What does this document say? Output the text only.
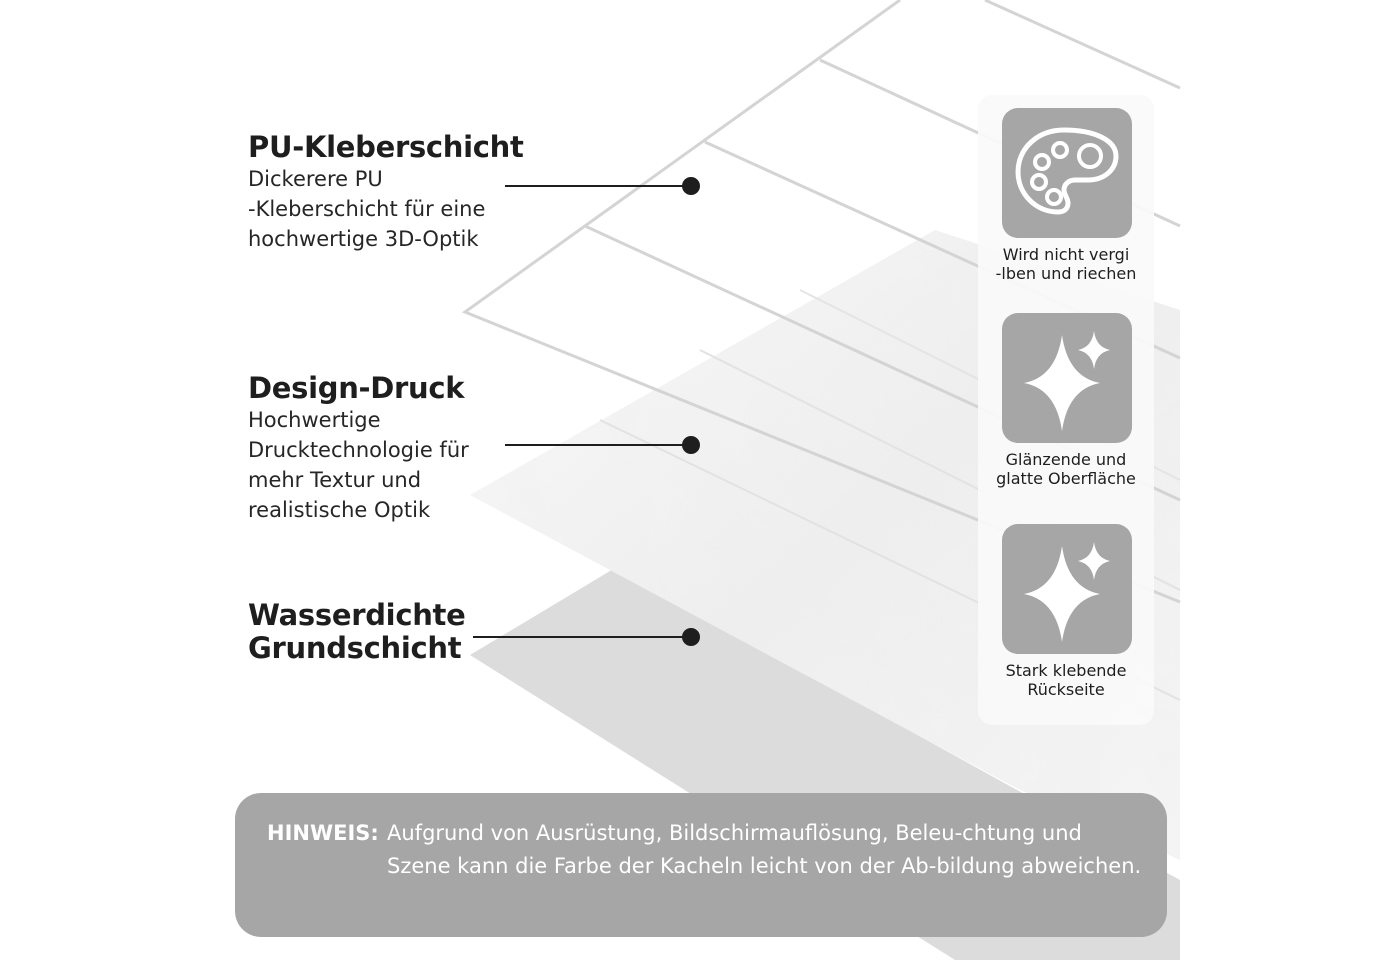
PU-Kleberschicht
Dickerere PU
-Kleberschicht für eine
hochwertige 3D-Optik
Design-Druck
Hochwertige
Drucktechnologie für
mehr Textur und
realistische Optik
Wasserdichte
Grundschicht
Wird nicht vergi
-lben und riechen
Glänzende und
glatte Oberfläche
Stark klebende
Rückseite
HINWEIS: Aufgrund von Ausrüstung, Bildschirmauflösung, Beleu-chtung und Szene kann die Farbe der Kacheln leicht von der Ab-bildung abweichen.
